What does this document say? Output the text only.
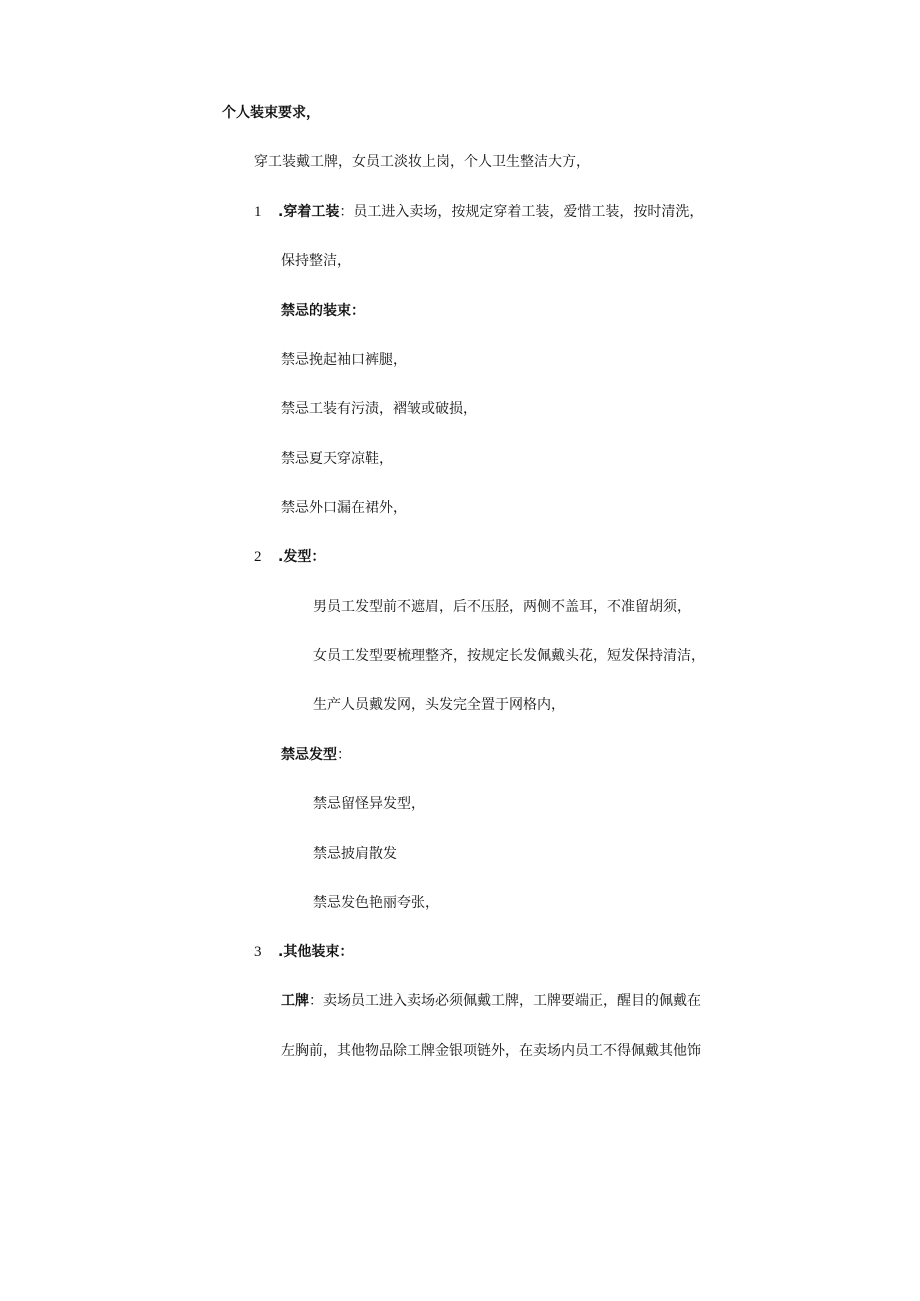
个人装束要求，
穿工装戴工牌，女员工淡妆上岗，个人卫生整洁大方，
1 .穿着工装：员工进入卖场，按规定穿着工装，爱惜工装，按时清洗，
保持整洁，
禁忌的装束：
禁忌挽起袖口裤腿，
禁忌工装有污渍，褶皱或破损，
禁忌夏天穿凉鞋，
禁忌外口漏在裙外，
2 .发型：
男员工发型前不遮眉，后不压胫，两侧不盖耳，不准留胡须，
女员工发型要梳理整齐，按规定长发佩戴头花，短发保持清洁，
生产人员戴发网，头发完全置于网格内，
禁忌发型：
禁忌留怪异发型，
禁忌披肩散发
禁忌发色艳丽夸张，
3 .其他装束：
工牌：卖场员工进入卖场必须佩戴工牌，工牌要端正，醒目的佩戴在
左胸前，其他物品除工牌金银项链外，在卖场内员工不得佩戴其他饰
